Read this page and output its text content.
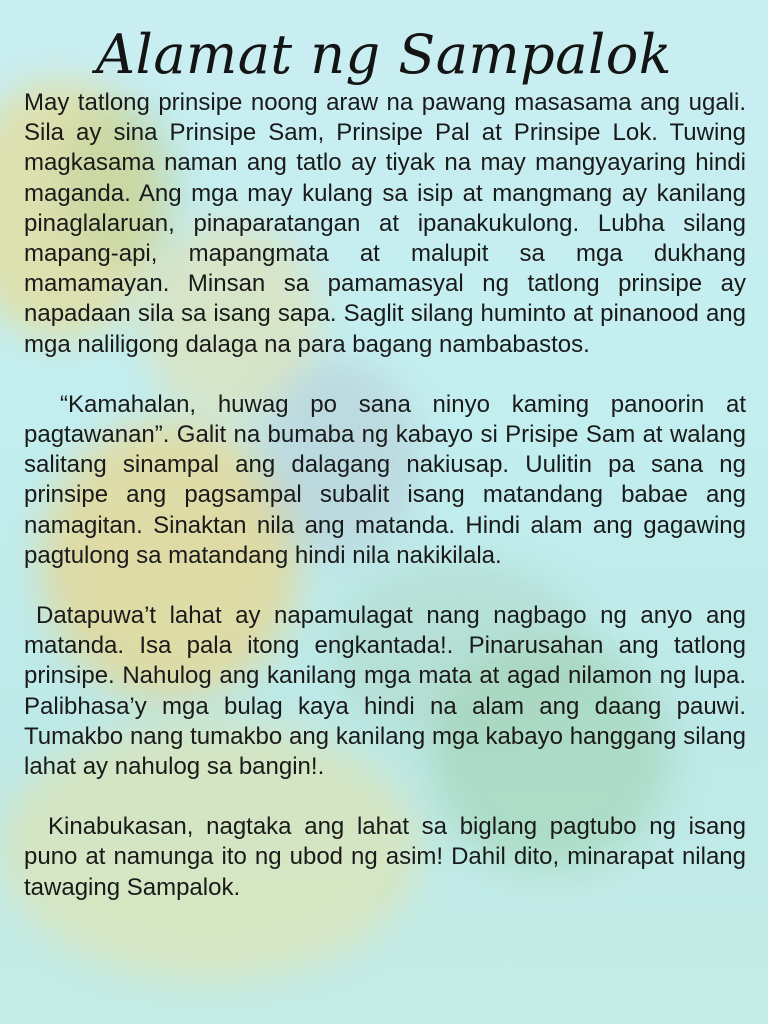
Alamat ng Sampalok

May tatlong prinsipe noong araw na pawang masasama ang ugali. Sila ay sina Prinsipe Sam, Prinsipe Pal at Prinsipe Lok. Tuwing magkasama naman ang tatlo ay tiyak na may mangyayaring hindi maganda. Ang mga may kulang sa isip at mangmang ay kanilang pinaglalaruan, pinaparatangan at ipanakukulong. Lubha silang mapang-api, mapangmata at malupit sa mga dukhang mamamayan. Minsan sa pamamasyal ng tatlong prinsipe ay napadaan sila sa isang sapa. Saglit silang huminto at pinanood ang mga naliligong dalaga na para bagang nambabastos.

“Kamahalan, huwag po sana ninyo kaming panoorin at pagtawanan”. Galit na bumaba ng kabayo si Prisipe Sam at walang salitang sinampal ang dalagang nakiusap. Uulitin pa sana ng prinsipe ang pagsampal subalit isang matandang babae ang namagitan. Sinaktan nila ang matanda. Hindi alam ang gagawing pagtulong sa matandang hindi nila nakikilala.

Datapuwa’t lahat ay napamulagat nang nagbago ng anyo ang matanda. Isa pala itong engkantada!. Pinarusahan ang tatlong prinsipe. Nahulog ang kanilang mga mata at agad nilamon ng lupa. Palibhasa’y mga bulag kaya hindi na alam ang daang pauwi. Tumakbo nang tumakbo ang kanilang mga kabayo hanggang silang lahat ay nahulog sa bangin!.

Kinabukasan, nagtaka ang lahat sa biglang pagtubo ng isang puno at namunga ito ng ubod ng asim! Dahil dito, minarapat nilang tawaging Sampalok.
